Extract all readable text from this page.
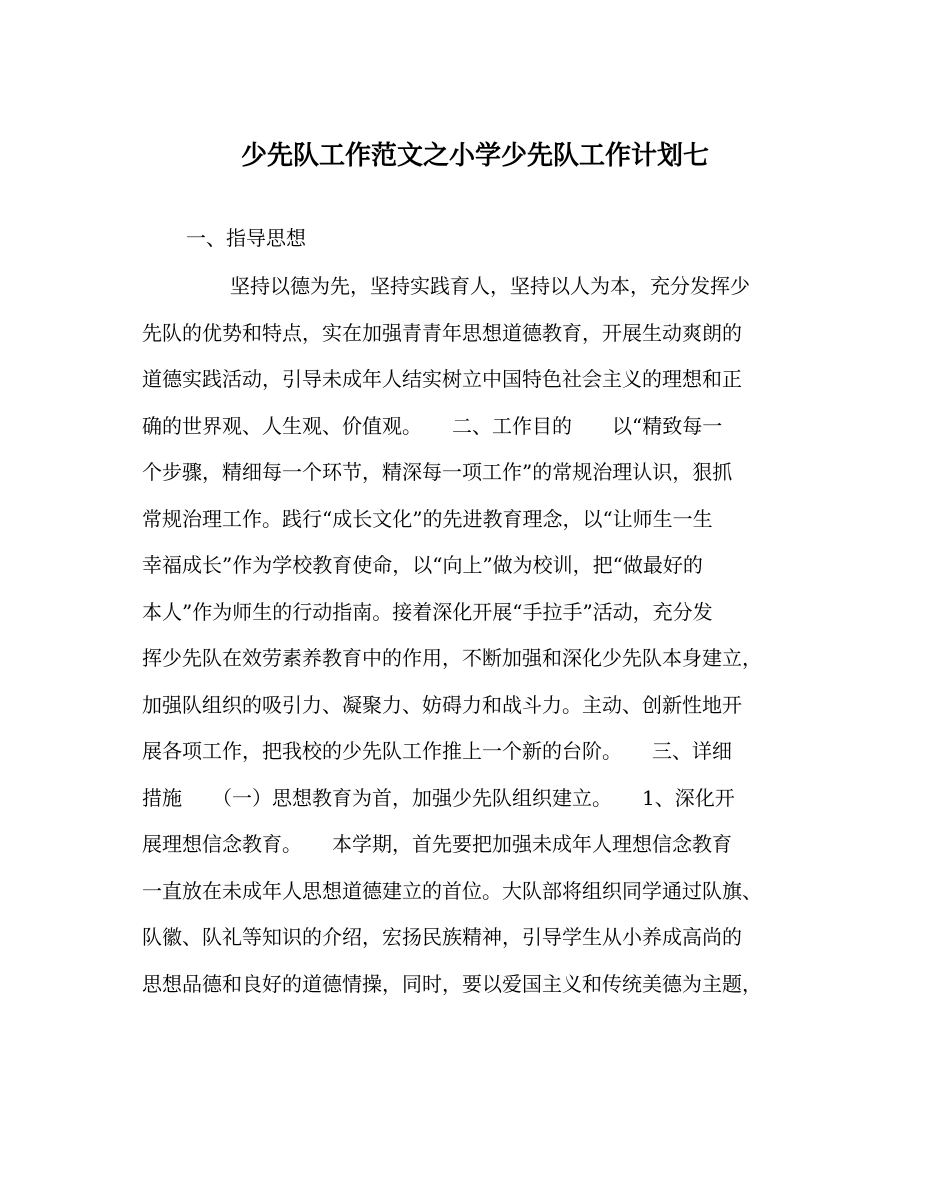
少先队工作范文之小学少先队工作计划七
一、指导思想
坚持以德为先，坚持实践育人，坚持以人为本，充分发挥少
先队的优势和特点，实在加强青青年思想道德教育，开展生动爽朗的
道德实践活动，引导未成年人结实树立中国特色社会主义的理想和正
确的世界观、人生观、价值观。　　二、工作目的　　以“精致每一
个步骤，精细每一个环节，精深每一项工作”的常规治理认识，狠抓
常规治理工作。践行“成长文化”的先进教育理念，以“让师生一生
幸福成长”作为学校教育使命，以“向上”做为校训，把“做最好的
本人”作为师生的行动指南。接着深化开展“手拉手”活动，充分发
挥少先队在效劳素养教育中的作用，不断加强和深化少先队本身建立，
加强队组织的吸引力、凝聚力、妨碍力和战斗力。主动、创新性地开
展各项工作，把我校的少先队工作推上一个新的台阶。　　三、详细
措施　　（一）思想教育为首，加强少先队组织建立。　　1、深化开
展理想信念教育。　　本学期，首先要把加强未成年人理想信念教育
一直放在未成年人思想道德建立的首位。大队部将组织同学通过队旗、
队徽、队礼等知识的介绍，宏扬民族精神，引导学生从小养成高尚的
思想品德和良好的道德情操，同时，要以爱国主义和传统美德为主题，
